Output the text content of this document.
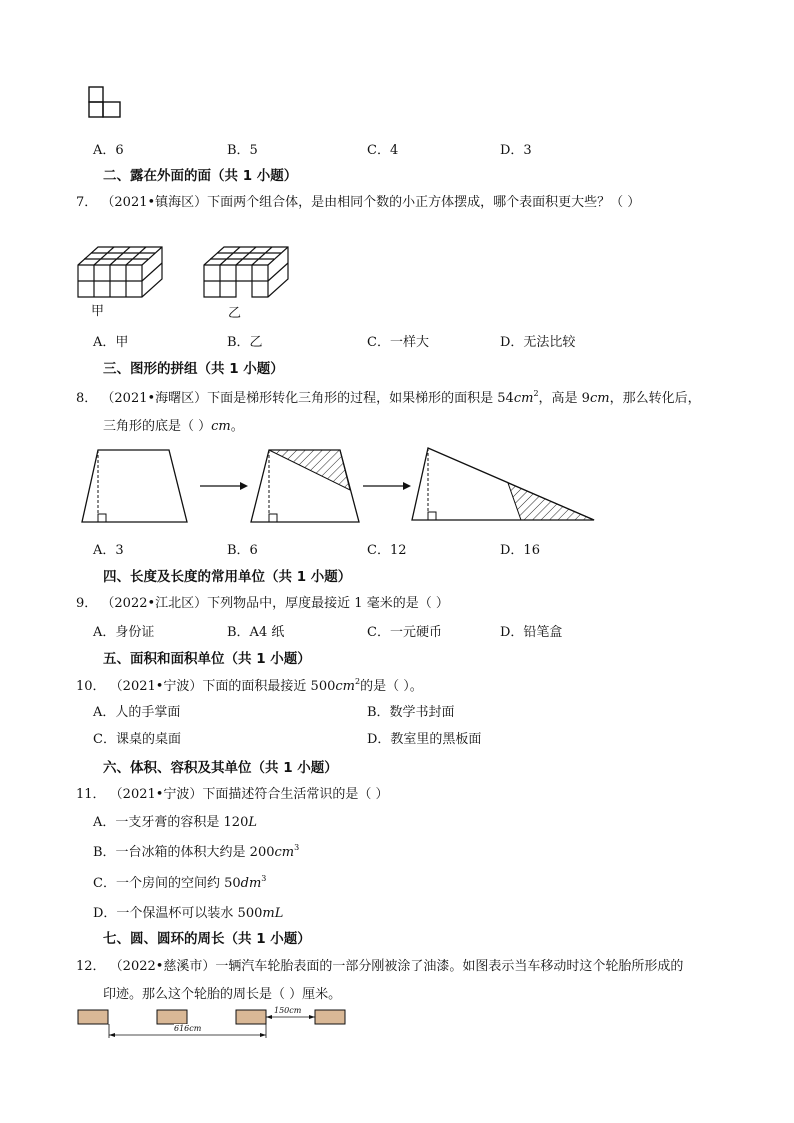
A．6	B．5	C．4	D．3
二、露在外面的面（共 1 小题）
7． （2021•镇海区）下面两个组合体，是由相同个数的小正方体摆成，哪个表面积更大些？（ ）
甲	乙
A．甲	B．乙	C．一样大	D．无法比较
三、图形的拼组（共 1 小题）
8． （2021•海曙区）下面是梯形转化三角形的过程，如果梯形的面积是 $54cm^2$，高是 9cm，那么转化后，
三角形的底是（ ）cm。
A．3	B．6	C．12	D．16
四、长度及长度的常用单位（共 1 小题）
9． （2022•江北区）下列物品中，厚度最接近 1 毫米的是（ ）
A．身份证	B．A4 纸	C．一元硬币	D．铅笔盒
五、面积和面积单位（共 1 小题）
10． （2021•宁波）下面的面积最接近 $500cm^2$的是（ ）。
A．人的手掌面	B．数学书封面
C．课桌的桌面	D．教室里的黑板面
六、体积、容积及其单位（共 1 小题）
11． （2021•宁波）下面描述符合生活常识的是（ ）
A．一支牙膏的容积是 120L
B．一台冰箱的体积大约是 $200cm^3$
C．一个房间的空间约 $50dm^3$
D．一个保温杯可以装水 500mL
七、圆、圆环的周长（共 1 小题）
12． （2022•慈溪市）一辆汽车轮胎表面的一部分刚被涂了油漆。如图表示当车移动时这个轮胎所形成的
印迹。那么这个轮胎的周长是（ ）厘米。
616cm
150cm
